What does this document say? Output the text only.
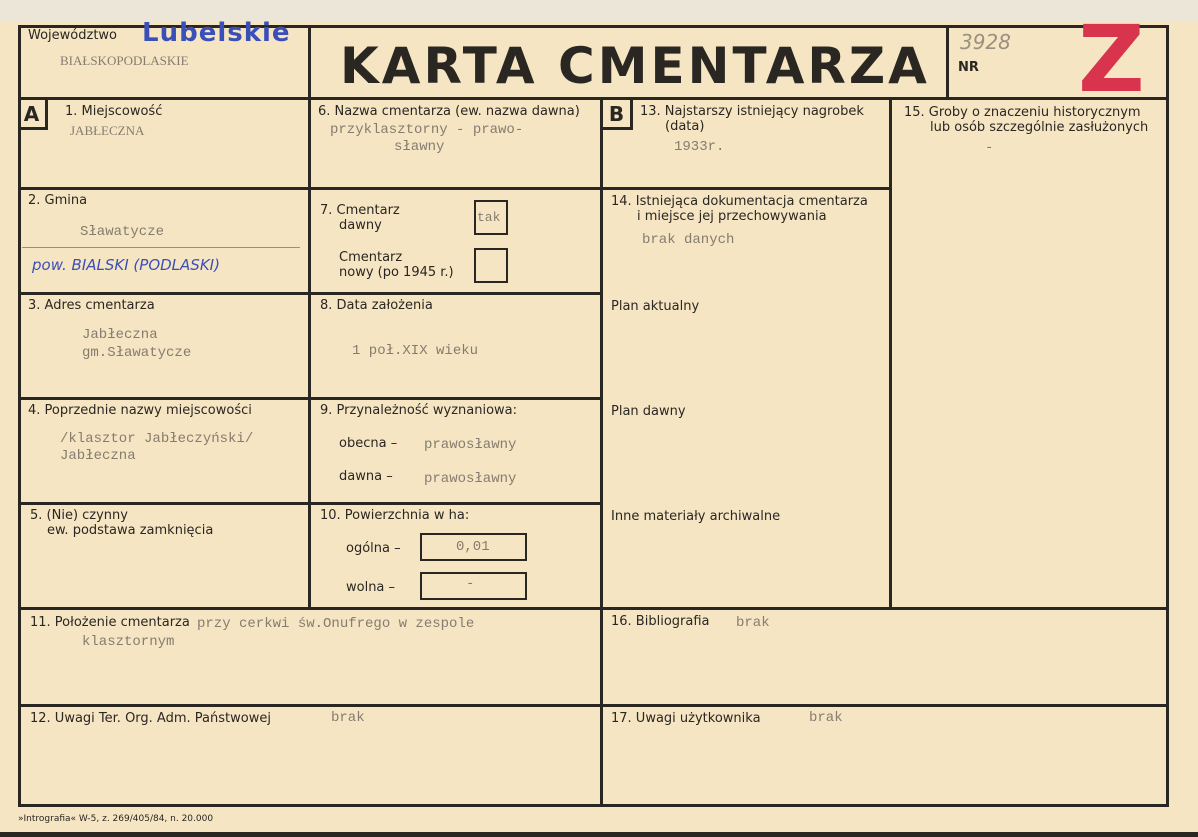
Województwo Lubelskie
BIAŁSKOPODLASKIE	KARTA CMENTARZA 3928
NR Z
A	1. Miejscowość
JABŁECZNA
2. Gmina
Sławatycze
pow. BIALSKI (PODLASKI)
3. Adres cmentarza
Jabłeczna
gm.Sławatycze
4. Poprzednie nazwy miejscowości
/klasztor Jabłeczyński/
Jabłeczna
5. (Nie) czynny
ew. podstawa zamknięcia
6. Nazwa cmentarza (ew. nazwa dawna)
przyklasztorny - prawo-
sławny
7. Cmentarz
dawny
tak
Cmentarz
nowy (po 1945 r.)
8. Data założenia
1 poł.XIX wieku
9. Przynależność wyznaniowa:
obecna – prawosławny
dawna – prawosławny
10. Powierzchnia w ha:
ogólna –	0,01
wolna –	-
B	13. Najstarszy istniejący nagrobek
(data)
1933r.
14. Istniejąca dokumentacja cmentarza
i miejsce jej przechowywania
brak danych
Plan aktualny
Plan dawny
Inne materiały archiwalne
15. Groby o znaczeniu historycznym
lub osób szczególnie zasłużonych
-
11. Położenie cmentarza przy cerkwi św.Onufrego w zespole
klasztornym
12. Uwagi Ter. Org. Adm. Państwowej	brak
16. Bibliografia brak
17. Uwagi użytkownika	brak
»Intrografia« W-5, z. 269/405/84, n. 20.000
